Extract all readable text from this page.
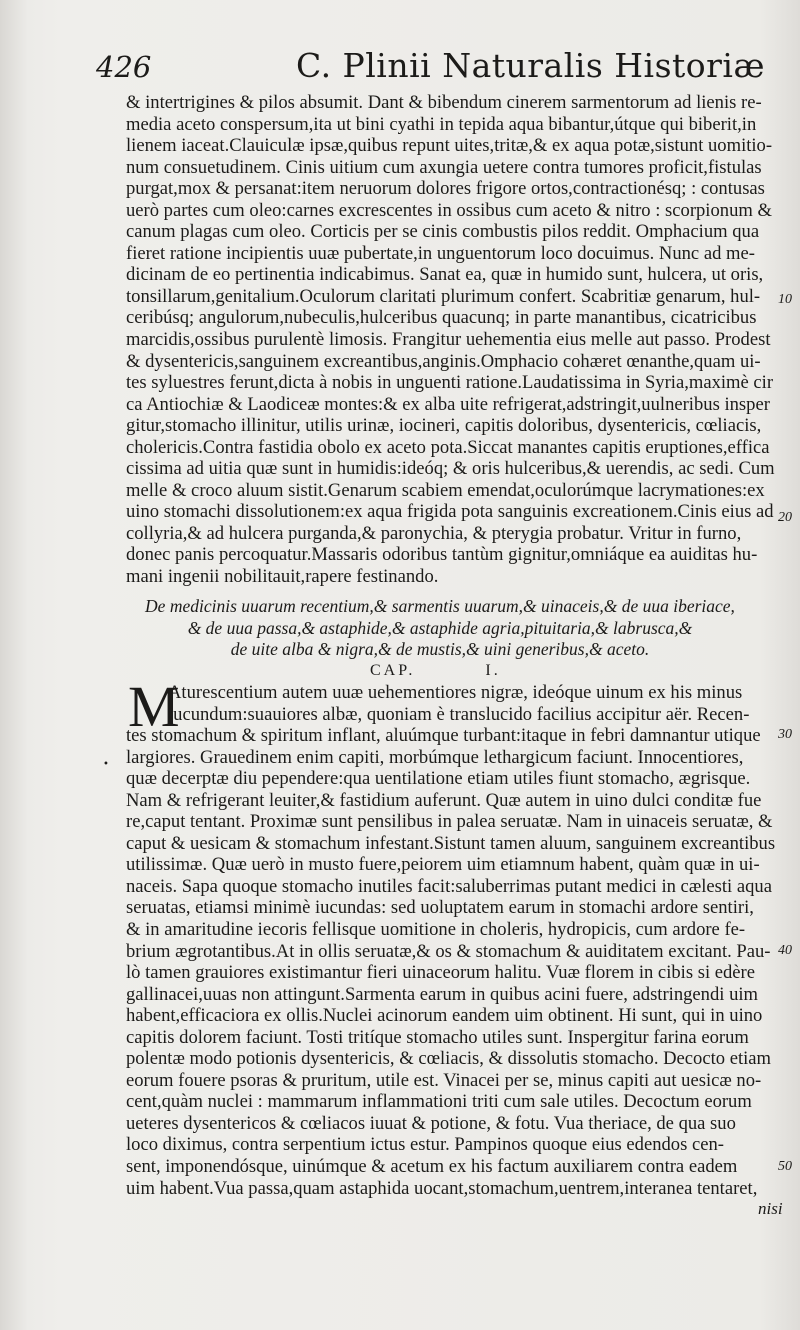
426	C. Plinii Naturalis Historiæ
& intertrigines & pilos absumit. Dant & bibendum cinerem sarmentorum ad lienis re-
media aceto conspersum,ita ut bini cyathi in tepida aqua bibantur,útque qui biberit,in
lienem iaceat.Clauiculæ ipsæ,quibus repunt uites,tritæ,& ex aqua potæ,sistunt uomitio-
num consuetudinem. Cinis uitium cum axungia uetere contra tumores proficit,fistulas
purgat,mox & persanat:item neruorum dolores frigore ortos,contractionésq; : contusas
uerò partes cum oleo:carnes excrescentes in ossibus cum aceto & nitro : scorpionum &
canum plagas cum oleo. Corticis per se cinis combustis pilos reddit. Omphacium qua
fieret ratione incipientis uuæ pubertate,in unguentorum loco docuimus. Nunc ad me-
dicinam de eo pertinentia indicabimus. Sanat ea, quæ in humido sunt, hulcera, ut oris,
tonsillarum,genitalium.Oculorum claritati plurimum confert. Scabritiæ genarum, hul-
ceribúsq; angulorum,nubeculis,hulceribus quacunq; in parte manantibus, cicatricibus
marcidis,ossibus purulentè limosis. Frangitur uehementia eius melle aut passo. Prodest
& dysentericis,sanguinem excreantibus,anginis.Omphacio cohæret œnanthe,quam ui-
tes syluestres ferunt,dicta à nobis in unguenti ratione.Laudatissima in Syria,maximè cir
ca Antiochiæ & Laodiceæ montes:& ex alba uite refrigerat,adstringit,uulneribus insper
gitur,stomacho illinitur, utilis urinæ, iocineri, capitis doloribus, dysentericis, cœliacis,
cholericis.Contra fastidia obolo ex aceto pota.Siccat manantes capitis eruptiones,effica
cissima ad uitia quæ sunt in humidis:ideóq; & oris hulceribus,& uerendis, ac sedi. Cum
melle & croco aluum sistit.Genarum scabiem emendat,oculorúmque lacrymationes:ex
uino stomachi dissolutionem:ex aqua frigida pota sanguinis excreationem.Cinis eius ad
collyria,& ad hulcera purganda,& paronychia, & pterygia probatur. Vritur in furno,
donec panis percoquatur.Massaris odoribus tantùm gignitur,omniáque ea auiditas hu-
mani ingenii nobilitauit,rapere festinando.
De medicinis uuarum recentium,& sarmentis uuarum,& uinaceis,& de uua iberiace,
& de uua passa,& astaphide,& astaphide agria,pituitaria,& labrusca,&
de uite alba & nigra,& de mustis,& uini generibus,& aceto.
CAP.	I.
M
Aturescentium autem uuæ uehementiores nigræ, ideóque uinum ex his minus
iucundum:suauiores albæ, quoniam è translucido facilius accipitur aër. Recen-
tes stomachum & spiritum inflant, aluúmque turbant:itaque in febri damnantur utique
largiores. Grauedinem enim capiti, morbúmque lethargicum faciunt. Innocentiores,
quæ decerptæ diu pependere:qua uentilatione etiam utiles fiunt stomacho, ægrisque.
Nam & refrigerant leuiter,& fastidium auferunt. Quæ autem in uino dulci conditæ fue
re,caput tentant. Proximæ sunt pensilibus in palea seruatæ. Nam in uinaceis seruatæ, &
caput & uesicam & stomachum infestant.Sistunt tamen aluum, sanguinem excreantibus
utilissimæ. Quæ uerò in musto fuere,peiorem uim etiamnum habent, quàm quæ in ui-
naceis. Sapa quoque stomacho inutiles facit:saluberrimas putant medici in cælesti aqua
seruatas, etiamsi minimè iucundas: sed uoluptatem earum in stomachi ardore sentiri,
& in amaritudine iecoris fellisque uomitione in choleris, hydropicis, cum ardore fe-
brium ægrotantibus.At in ollis seruatæ,& os & stomachum & auiditatem excitant. Pau-
lò tamen grauiores existimantur fieri uinaceorum halitu. Vuæ florem in cibis si edère
gallinacei,uuas non attingunt.Sarmenta earum in quibus acini fuere, adstringendi uim
habent,efficaciora ex ollis.Nuclei acinorum eandem uim obtinent. Hi sunt, qui in uino
capitis dolorem faciunt. Tosti tritíque stomacho utiles sunt. Inspergitur farina eorum
polentæ modo potionis dysentericis, & cœliacis, & dissolutis stomacho. Decocto etiam
eorum fouere psoras & pruritum, utile est. Vinacei per se, minus capiti aut uesicæ no-
cent,quàm nuclei : mammarum inflammationi triti cum sale utiles. Decoctum eorum
ueteres dysentericos & cœliacos iuuat & potione, & fotu. Vua theriace, de qua suo
loco diximus, contra serpentium ictus estur. Pampinos quoque eius edendos cen-
sent, imponendósque, uinúmque & acetum ex his factum auxiliarem contra eadem
uim habent.Vua passa,quam astaphida uocant,stomachum,uentrem,interanea tentaret,
10
20
30
40
50
•
nisi
